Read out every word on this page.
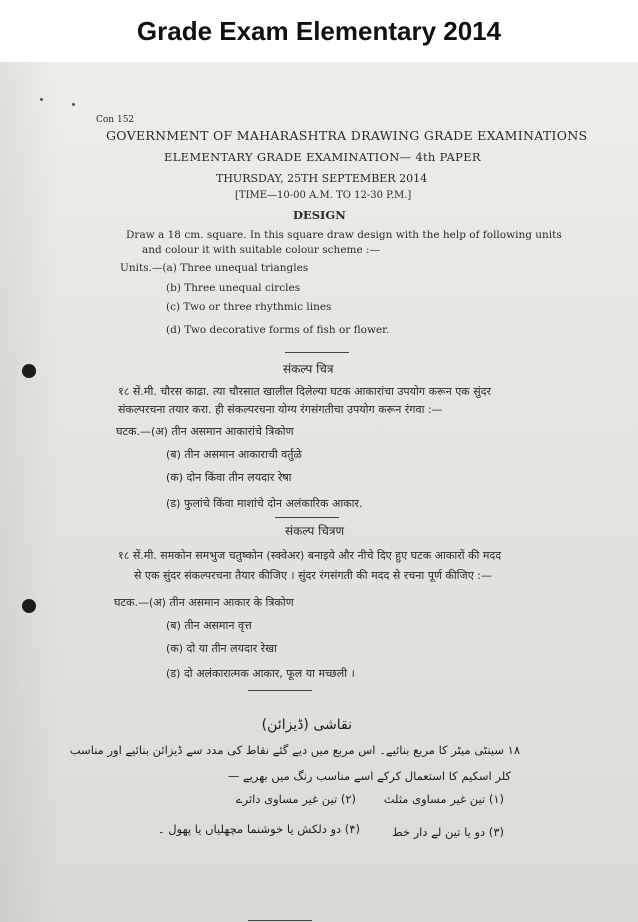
Grade Exam Elementary 2014
Con 152
GOVERNMENT OF MAHARASHTRA DRAWING GRADE EXAMINATIONS
ELEMENTARY GRADE EXAMINATION— 4th PAPER
THURSDAY, 25TH SEPTEMBER 2014
[TIME—10-00 A.M. TO 12-30 P.M.]
DESIGN
Draw a 18 cm. square. In this square draw design with the help of following units
and colour it with suitable colour scheme :—
Units.—(a) Three unequal triangles
(b) Three unequal circles
(c) Two or three rhythmic lines
(d) Two decorative forms of fish or flower.
संकल्प चित्र
१८ सें.मी. चौरस काढा. त्या चौरसात खालील दिलेल्या घटक आकारांचा उपयोग करून एक सुंदर
संकल्परचना तयार करा. ही संकल्परचना योग्य रंगसंगतीचा उपयोग करून रंगवा :—
घटक.—(अ) तीन असमान आकारांचे त्रिकोण
(ब) तीन असमान आकाराची वर्तुळे
(क) दोन किंवा तीन लयदार रेषा
(ड) फुलांचे किंवा माशांचे दोन अलंकारिक आकार.
संकल्प चित्रण
१८ सें.मी. समकोन समभुज चतुष्कोन (स्क्वेअर) बनाइये और नीचे दिए हुए घटक आकारों की मदद
से एक सुंदर संकल्परचना तैयार कीजिए । सुंदर रंगसंगती की मदद से रचना पूर्ण कीजिए :—
घटक.—(अ) तीन असमान आकार के त्रिकोण
(ब) तीन असमान वृत्त
(क) दो या तीन लयदार रेखा
(ड) दो अलंकारात्मक आकार, फूल या मच्छली ।
نقاشی (ڈیزائن)
۱۸ سینٹی میٹر کا مربع بنائیے۔ اس مربع میں دیے گئے نقاط کی مدد سے ڈیزائن بنائیے اور مناسب
کلر اسکیم کا استعمال کرکے اسے مناسب رنگ میں بھریے —
(۱) تین غیر مساوی مثلث
(۲) تین غیر مساوی دائرے
(۳) دو یا تین لے دار خط
(۴) دو دلکش یا خوشنما مچھلیاں یا پھول ۔
